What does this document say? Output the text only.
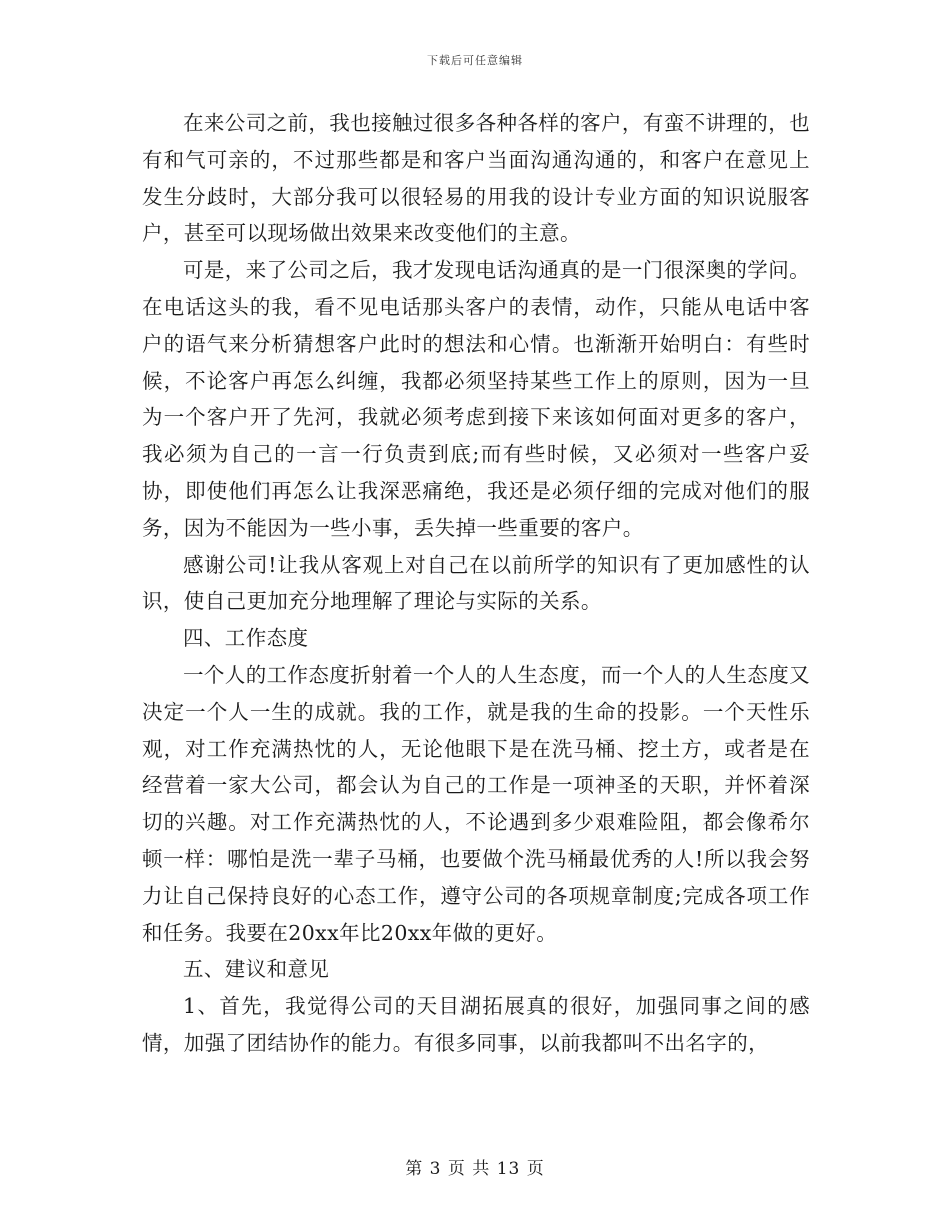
下载后可任意编辑

在来公司之前，我也接触过很多各种各样的客户，有蛮不讲理的，也有和气可亲的，不过那些都是和客户当面沟通沟通的，和客户在意见上发生分歧时，大部分我可以很轻易的用我的设计专业方面的知识说服客户，甚至可以现场做出效果来改变他们的主意。

可是，来了公司之后，我才发现电话沟通真的是一门很深奥的学问。在电话这头的我，看不见电话那头客户的表情，动作，只能从电话中客户的语气来分析猜想客户此时的想法和心情。也渐渐开始明白：有些时候，不论客户再怎么纠缠，我都必须坚持某些工作上的原则，因为一旦为一个客户开了先河，我就必须考虑到接下来该如何面对更多的客户，我必须为自己的一言一行负责到底;而有些时候，又必须对一些客户妥协，即使他们再怎么让我深恶痛绝，我还是必须仔细的完成对他们的服务，因为不能因为一些小事，丢失掉一些重要的客户。

感谢公司!让我从客观上对自己在以前所学的知识有了更加感性的认识，使自己更加充分地理解了理论与实际的关系。

四、工作态度

一个人的工作态度折射着一个人的人生态度，而一个人的人生态度又决定一个人一生的成就。我的工作，就是我的生命的投影。一个天性乐观，对工作充满热忱的人，无论他眼下是在洗马桶、挖土方，或者是在经营着一家大公司，都会认为自己的工作是一项神圣的天职，并怀着深切的兴趣。对工作充满热忱的人，不论遇到多少艰难险阻，都会像希尔顿一样：哪怕是洗一辈子马桶，也要做个洗马桶最优秀的人!所以我会努力让自己保持良好的心态工作，遵守公司的各项规章制度;完成各项工作和任务。我要在20xx年比20xx年做的更好。

五、建议和意见

1、首先，我觉得公司的天目湖拓展真的很好，加强同事之间的感情，加强了团结协作的能力。有很多同事，以前我都叫不出名字的，

第 3 页 共 13 页
